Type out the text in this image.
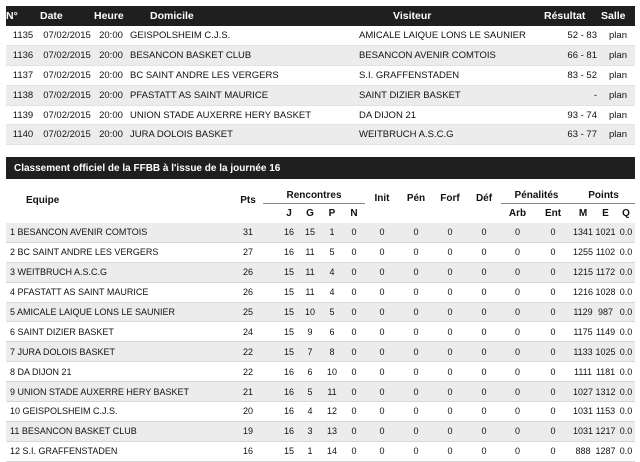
N°	Date	Heure	Domicile	Visiteur	Résultat	Salle
1135	07/02/2015	20:00	GEISPOLSHEIM C.J.S.	AMICALE LAIQUE LONS LE SAUNIER	52 - 83	plan
1136	07/02/2015	20:00	BESANCON BASKET CLUB	BESANCON AVENIR COMTOIS	66 - 81	plan
1137	07/02/2015	20:00	BC SAINT ANDRE LES VERGERS	S.I. GRAFFENSTADEN	83 - 52	plan
1138	07/02/2015	20:00	PFASTATT AS SAINT MAURICE	SAINT DIZIER BASKET	-	plan
1139	07/02/2015	20:00	UNION STADE AUXERRE HERY BASKET	DA DIJON 21	93 - 74	plan
1140	07/02/2015	20:00	JURA DOLOIS BASKET	WEITBRUCH A.S.C.G	63 - 77	plan
Classement officiel de la FFBB à l'issue de la journée 16															
Equipe	Pts	Rencontres					Init	Pén	Forf	Déf	Pénalités		Points		
			J	G	P	N					Arb	Ent	M	E	Q
1 BESANCON AVENIR COMTOIS	31		16	15	1	0	0	0	0	0	0	0	1341	1021	0.0
2 BC SAINT ANDRE LES VERGERS	27		16	11	5	0	0	0	0	0	0	0	1255	1102	0.0
3 WEITBRUCH A.S.C.G	26		15	11	4	0	0	0	0	0	0	0	1215	1172	0.0
4 PFASTATT AS SAINT MAURICE	26		15	11	4	0	0	0	0	0	0	0	1216	1028	0.0
5 AMICALE LAIQUE LONS LE SAUNIER	25		15	10	5	0	0	0	0	0	0	0	1129	987	0.0
6 SAINT DIZIER BASKET	24		15	9	6	0	0	0	0	0	0	0	1175	1149	0.0
7 JURA DOLOIS BASKET	22		15	7	8	0	0	0	0	0	0	0	1133	1025	0.0
8 DA DIJON 21	22		16	6	10	0	0	0	0	0	0	0	1111	1181	0.0
9 UNION STADE AUXERRE HERY BASKET	21		16	5	11	0	0	0	0	0	0	0	1027	1312	0.0
10 GEISPOLSHEIM C.J.S.	20		16	4	12	0	0	0	0	0	0	0	1031	1153	0.0
11 BESANCON BASKET CLUB	19		16	3	13	0	0	0	0	0	0	0	1031	1217	0.0
12 S.I. GRAFFENSTADEN	16		15	1	14	0	0	0	0	0	0	0	888	1287	0.0
